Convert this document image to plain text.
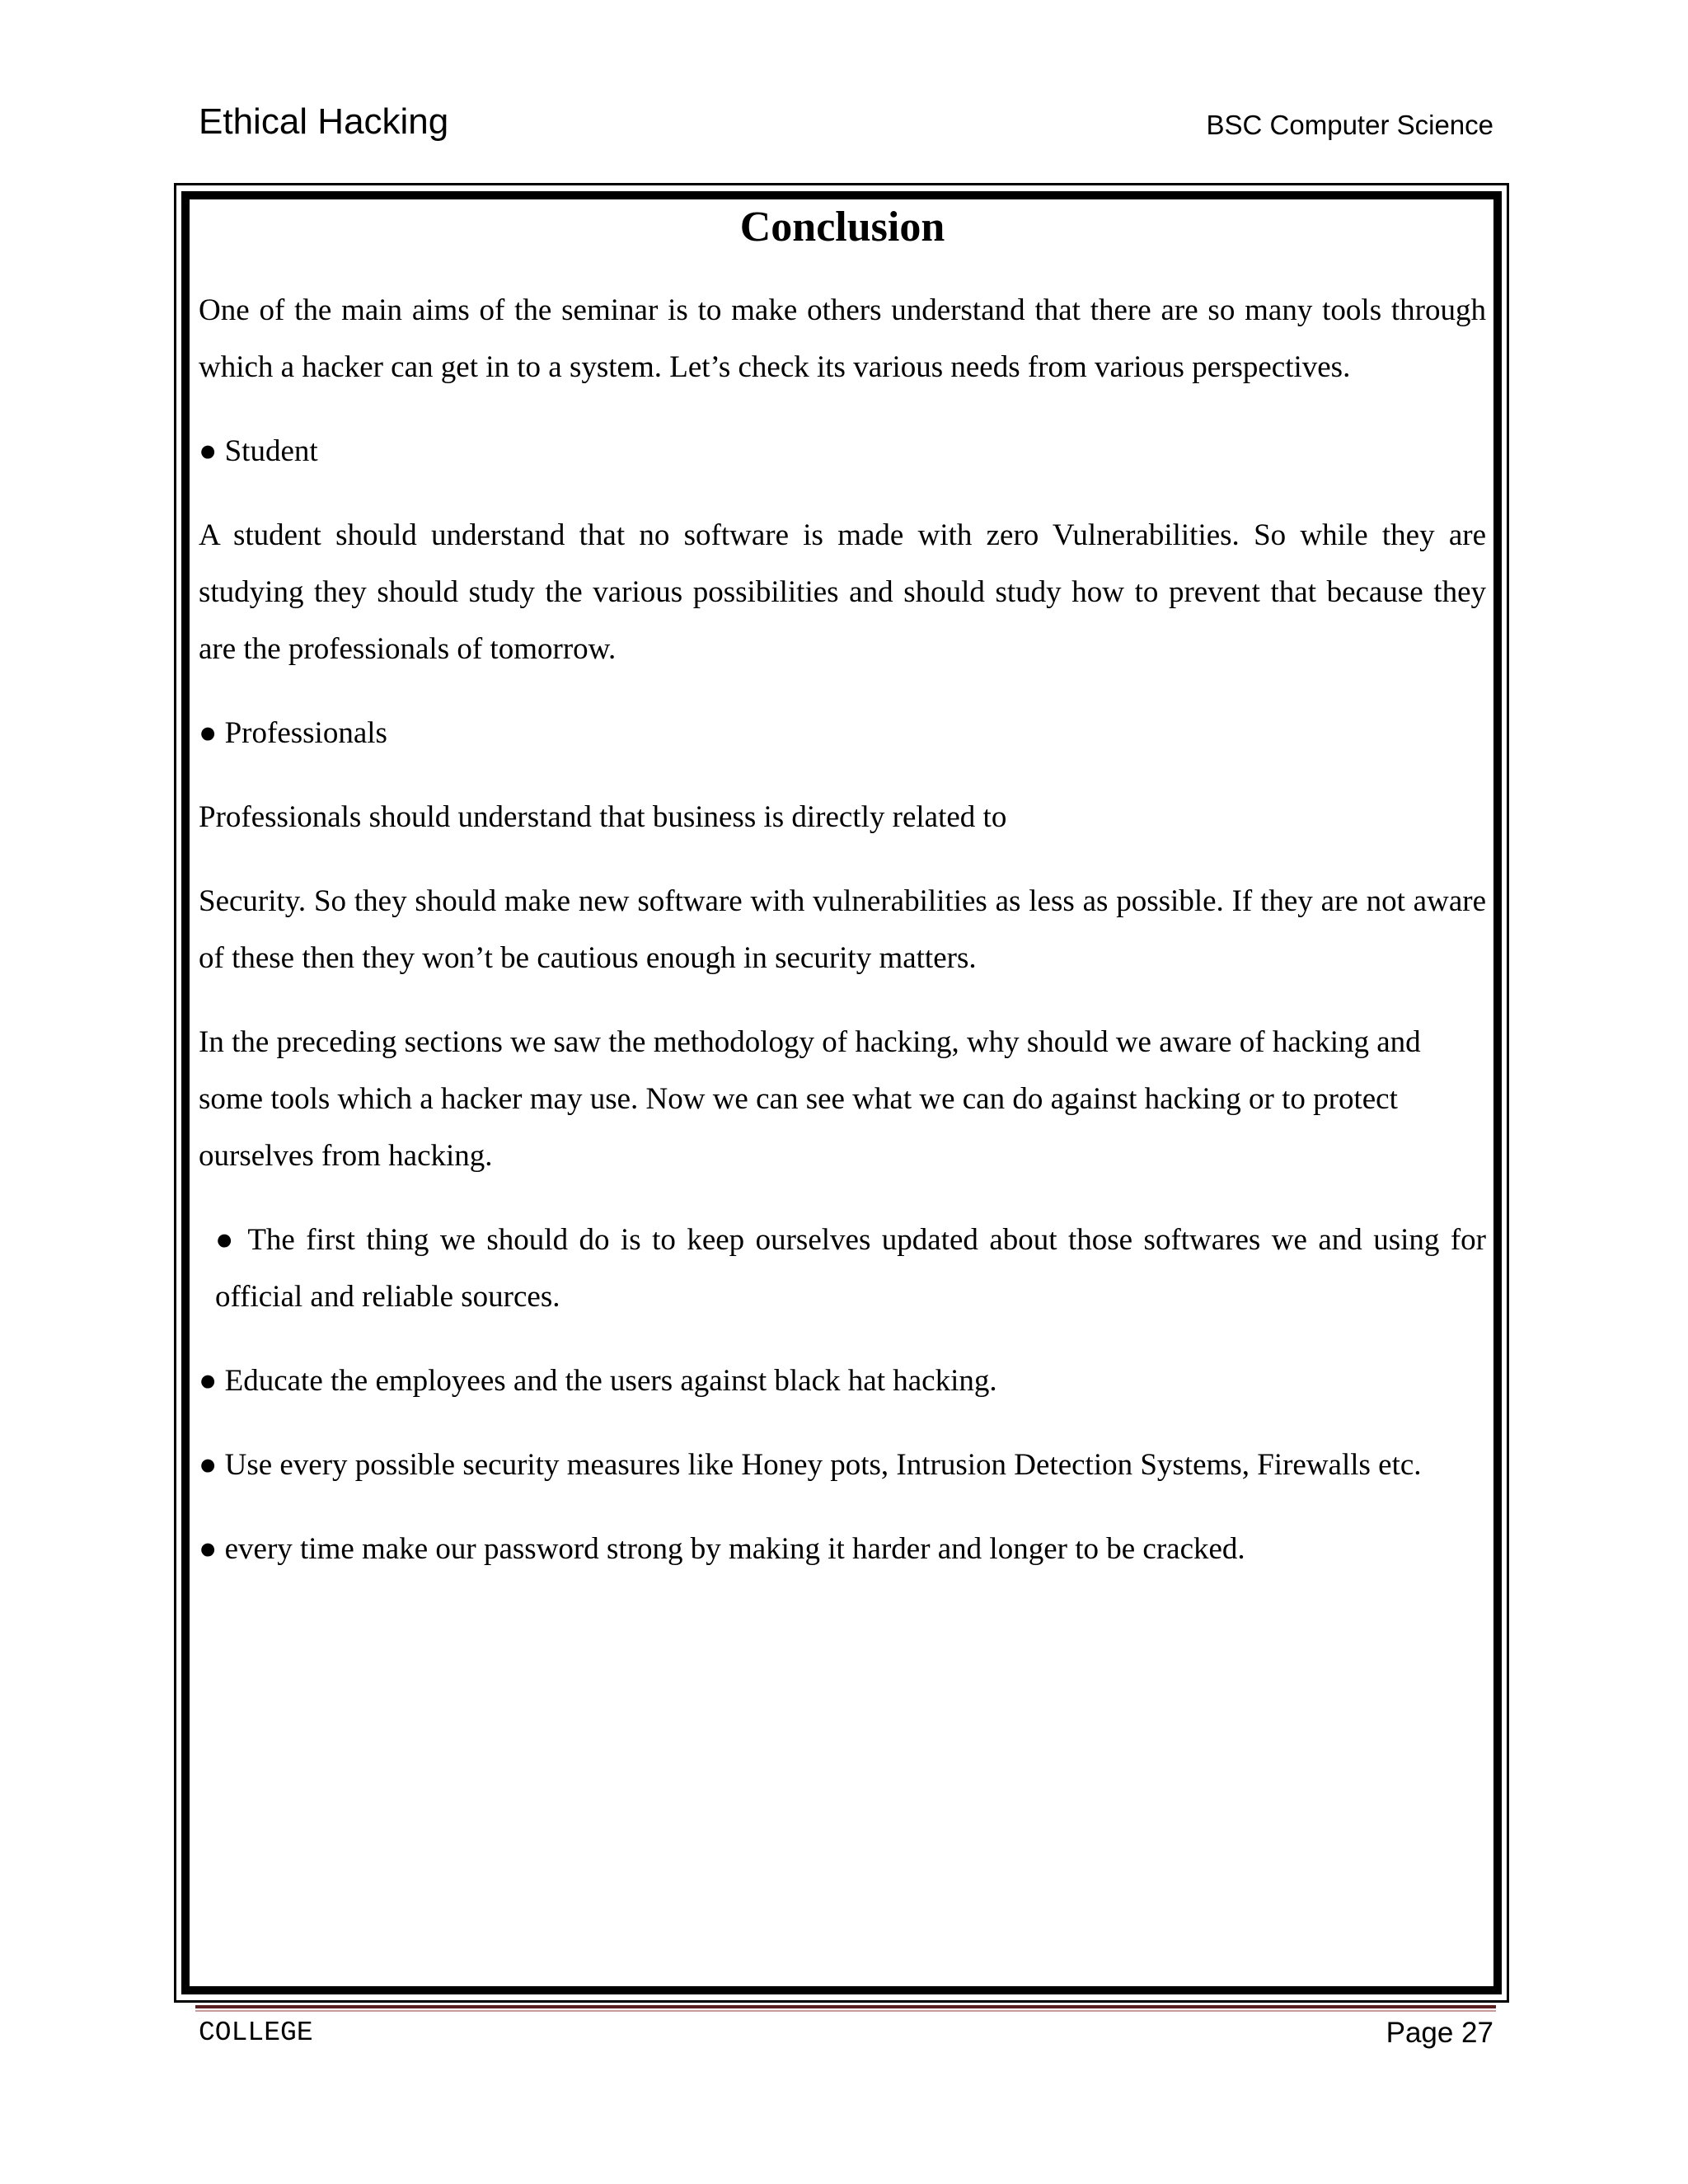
Ethical Hacking	BSC Computer Science
Conclusion

One of the main aims of the seminar is to make others understand that there are so many tools through which a hacker can get in to a system. Let’s check its various needs from various perspectives.

● Student

A student should understand that no software is made with zero Vulnerabilities. So while they are studying they should study the various possibilities and should study how to prevent that because they are the professionals of tomorrow.

● Professionals

Professionals should understand that business is directly related to

Security. So they should make new software with vulnerabilities as less as possible. If they are not aware of these then they won’t be cautious enough in security matters.

In the preceding sections we saw the methodology of hacking, why should we aware of hacking and some tools which a hacker may use. Now we can see what we can do against hacking or to protect ourselves from hacking.

● The first thing we should do is to keep ourselves updated about those softwares we and using for official and reliable sources.

● Educate the employees and the users against black hat hacking.

● Use every possible security measures like Honey pots, Intrusion Detection Systems, Firewalls etc.

● every time make our password strong by making it harder and longer to be cracked.

COLLEGE	Page 27
